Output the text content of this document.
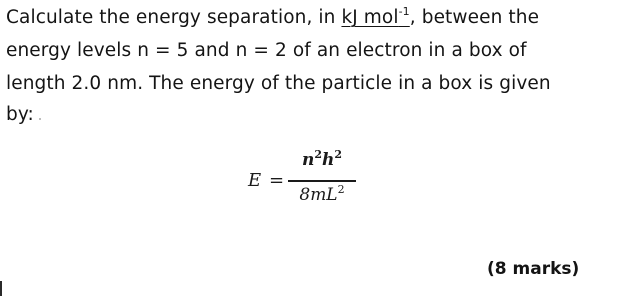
Calculate the energy separation, in kJ mol$^{-1}$, between the
energy levels n = 5 and n = 2 of an electron in a box of
length 2.0 nm. The energy of the particle in a box is given
by:
E =
$n^2h^2$
$8mL^2$
(8 marks)
